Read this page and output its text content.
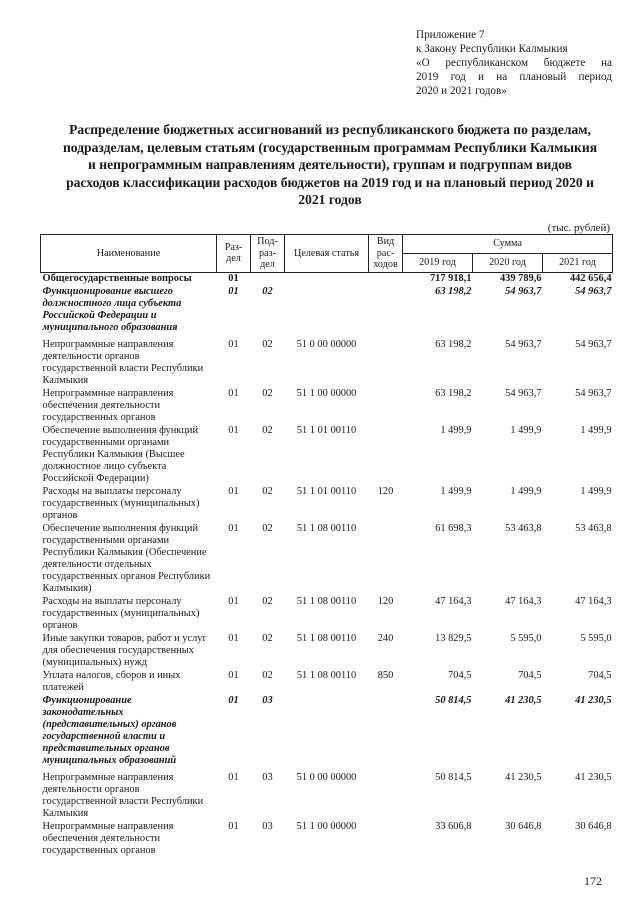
Приложение 7
к Закону Республики Калмыкия
«О республиканском бюджете на
2019 год и на плановый период
2020 и 2021 годов»
Распределение бюджетных ассигнований из республиканского бюджета по разделам, подразделам, целевым статьям (государственным программам Республики Калмыкия и непрограммным направлениям деятельности), группам и подгруппам видов расходов классификации расходов бюджетов на 2019 год и на плановый период 2020 и 2021 годов
(тыс. рублей)
Наименование	Раз-дел	Под-раз-дел	Целевая статья	Вид рас-ходов	Сумма		
					2019 год	2020 год	2021 год
Общегосударственные вопросы	01				717 918,1	439 789,6	442 656,4
Функционирование высшего должностного лица субъекта Российской Федерации и муниципального образования	01	02			63 198,2	54 963,7	54 963,7
Непрограммные направления деятельности органов государственной власти Республики Калмыкия	01	02	51 0 00 00000		63 198,2	54 963,7	54 963,7
Непрограммные направления обеспечения деятельности государственных органов	01	02	51 1 00 00000		63 198,2	54 963,7	54 963,7
Обеспечение выполнения функций государственными органами Республики Калмыкия (Высшее должностное лицо субъекта Российской Федерации)	01	02	51 1 01 00110		1 499,9	1 499,9	1 499,9
Расходы на выплаты персоналу государственных (муниципальных) органов	01	02	51 1 01 00110	120	1 499,9	1 499,9	1 499,9
Обеспечение выполнения функций государственными органами Республики Калмыкия (Обеспечение деятельности отдельных государственных органов Республики Калмыкия)	01	02	51 1 08 00110		61 698,3	53 463,8	53 463,8
Расходы на выплаты персоналу государственных (муниципальных) органов	01	02	51 1 08 00110	120	47 164,3	47 164,3	47 164,3
Иные закупки товаров, работ и услуг для обеспечения государственных (муниципальных) нужд	01	02	51 1 08 00110	240	13 829,5	5 595,0	5 595,0
Уплата налогов, сборов и иных платежей	01	02	51 1 08 00110	850	704,5	704,5	704,5
Функционирование законодательных (представительных) органов государственной власти и представительных органов муниципальных образований	01	03			50 814,5	41 230,5	41 230,5
Непрограммные направления деятельности органов государственной власти Республики Калмыкия	01	03	51 0 00 00000		50 814,5	41 230,5	41 230,5
Непрограммные направления обеспечения деятельности государственных органов	01	03	51 1 00 00000		33 606,8	30 646,8	30 646,8
172
